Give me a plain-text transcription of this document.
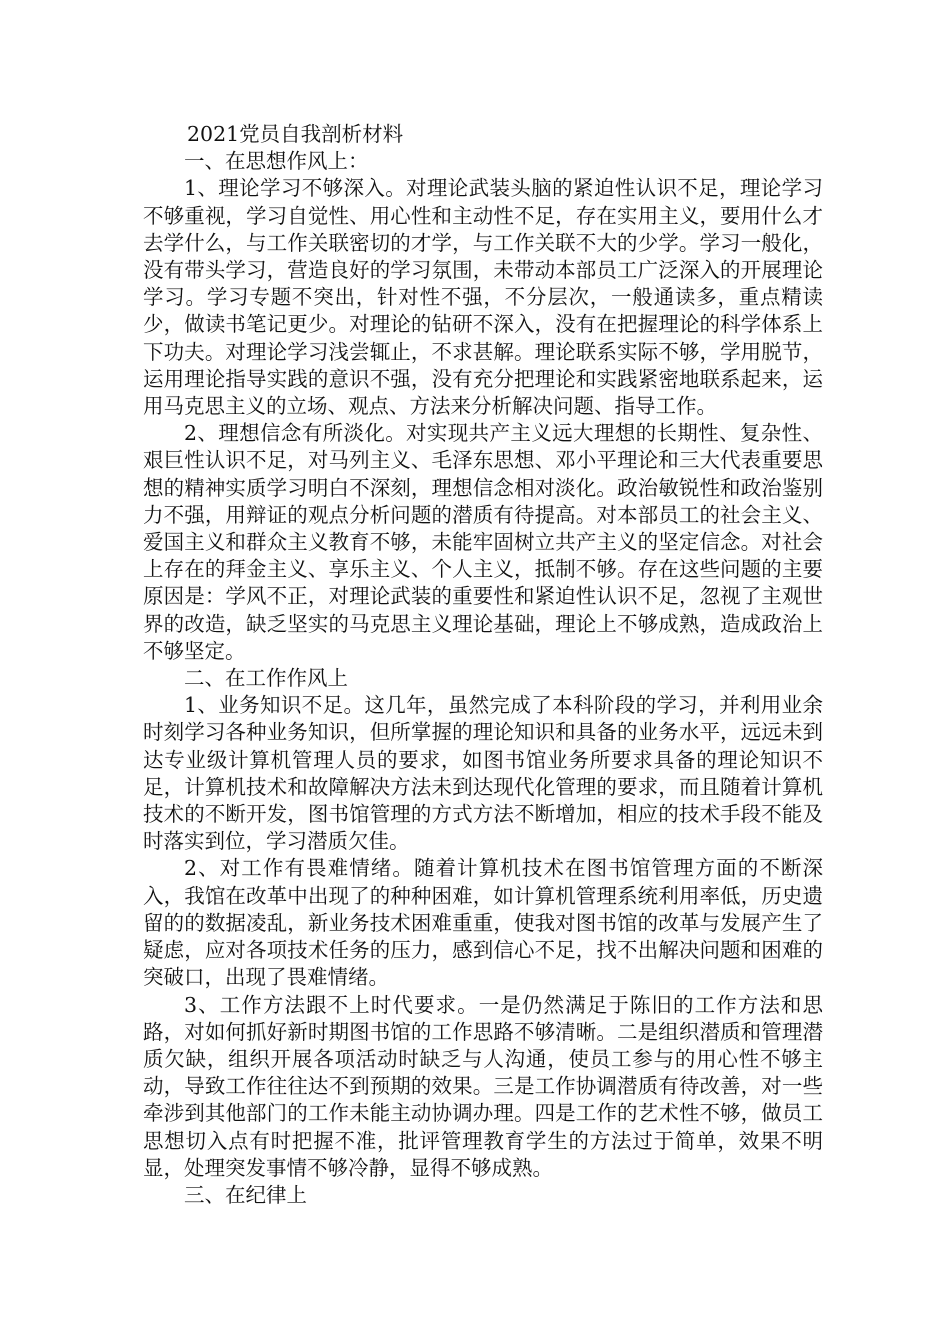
2021党员自我剖析材料
一、在思想作风上：

1、理论学习不够深入。对理论武装头脑的紧迫性认识不足，理论学习不够重视，学习自觉性、用心性和主动性不足，存在实用主义，要用什么才去学什么，与工作关联密切的才学，与工作关联不大的少学。学习一般化，没有带头学习，营造良好的学习氛围，未带动本部员工广泛深入的开展理论学习。学习专题不突出，针对性不强，不分层次，一般通读多，重点精读少，做读书笔记更少。对理论的钻研不深入，没有在把握理论的科学体系上下功夫。对理论学习浅尝辄止，不求甚解。理论联系实际不够，学用脱节，运用理论指导实践的意识不强，没有充分把理论和实践紧密地联系起来，运用马克思主义的立场、观点、方法来分析解决问题、指导工作。

2、理想信念有所淡化。对实现共产主义远大理想的长期性、复杂性、艰巨性认识不足，对马列主义、毛泽东思想、邓小平理论和三大代表重要思想的精神实质学习明白不深刻，理想信念相对淡化。政治敏锐性和政治鉴别力不强，用辩证的观点分析问题的潜质有待提高。对本部员工的社会主义、爱国主义和群众主义教育不够，未能牢固树立共产主义的坚定信念。对社会上存在的拜金主义、享乐主义、个人主义，抵制不够。存在这些问题的主要原因是：学风不正，对理论武装的重要性和紧迫性认识不足，忽视了主观世界的改造，缺乏坚实的马克思主义理论基础，理论上不够成熟，造成政治上不够坚定。

二、在工作作风上

1、业务知识不足。这几年，虽然完成了本科阶段的学习，并利用业余时刻学习各种业务知识，但所掌握的理论知识和具备的业务水平，远远未到达专业级计算机管理人员的要求，如图书馆业务所要求具备的理论知识不足，计算机技术和故障解决方法未到达现代化管理的要求，而且随着计算机技术的不断开发，图书馆管理的方式方法不断增加，相应的技术手段不能及时落实到位，学习潜质欠佳。

2、对工作有畏难情绪。随着计算机技术在图书馆管理方面的不断深入，我馆在改革中出现了的种种困难，如计算机管理系统利用率低，历史遗留的的数据凌乱，新业务技术困难重重，使我对图书馆的改革与发展产生了疑虑，应对各项技术任务的压力，感到信心不足，找不出解决问题和困难的突破口，出现了畏难情绪。

3、工作方法跟不上时代要求。一是仍然满足于陈旧的工作方法和思路，对如何抓好新时期图书馆的工作思路不够清晰。二是组织潜质和管理潜质欠缺，组织开展各项活动时缺乏与人沟通，使员工参与的用心性不够主动，导致工作往往达不到预期的效果。三是工作协调潜质有待改善，对一些牵涉到其他部门的工作未能主动协调办理。四是工作的艺术性不够，做员工思想切入点有时把握不准，批评管理教育学生的方法过于简单，效果不明显，处理突发事情不够冷静，显得不够成熟。

三、在纪律上
